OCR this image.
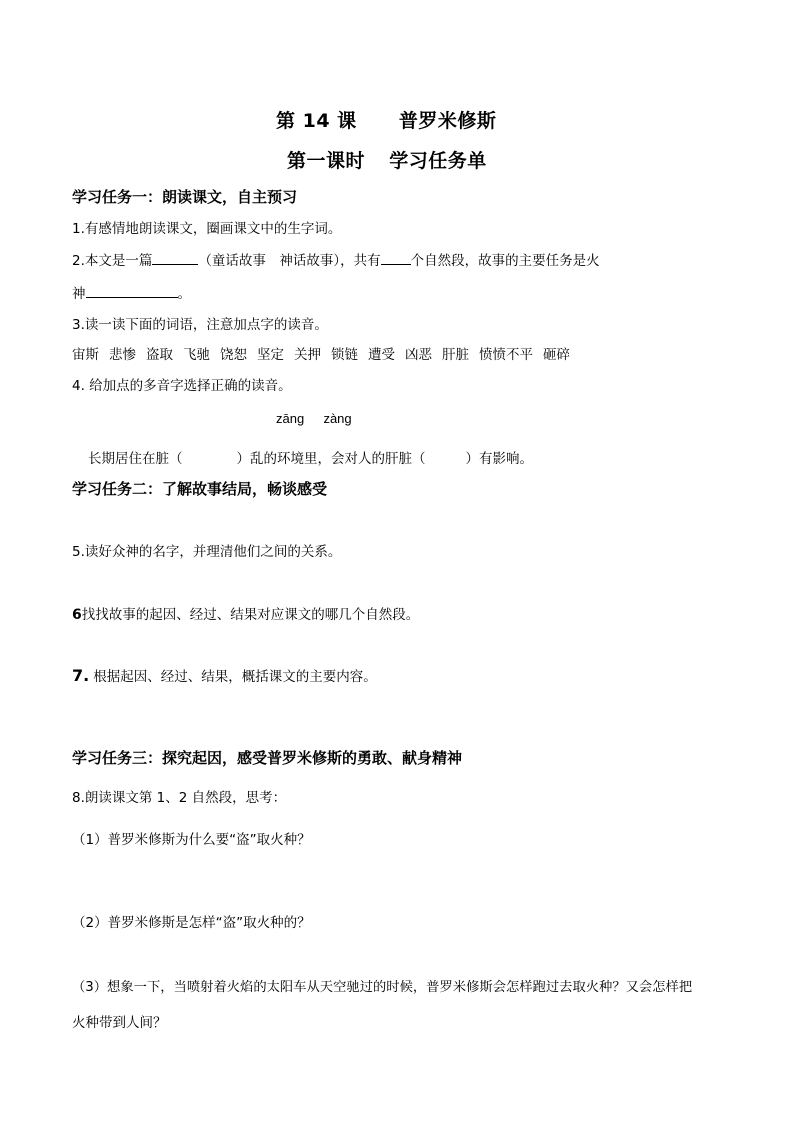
第 14 课 普罗米修斯
第一课时 学习任务单
学习任务一：朗读课文，自主预习
1.有感情地朗读课文，圈画课文中的生字词。
2.本文是一篇	（童话故事　神话故事），共有 个自然段，故事的主要任务是火
神	。
3.读一读下面的词语，注意加点字的读音。
宙斯 悲惨 盗取 飞驰 饶恕 坚定 关押 锁链 遭受 凶恶 肝脏 愤愤不平 砸碎
4. 给加点的多音字选择正确的读音。
zāng zàng
长期居住在脏（	）乱的环境里，会对人的肝脏（	）有影响。
学习任务二：了解故事结局，畅谈感受
5.读好众神的名字，并理清他们之间的关系。
6找找故事的起因、经过、结果对应课文的哪几个自然段。
7. 根据起因、经过、结果，概括课文的主要内容。
学习任务三：探究起因，感受普罗米修斯的勇敢、献身精神
8.朗读课文第 1、2 自然段，思考：
（1）普罗米修斯为什么要“盗”取火种？
（2）普罗米修斯是怎样“盗”取火种的？
（3）想象一下，当喷射着火焰的太阳车从天空驰过的时候，普罗米修斯会怎样跑过去取火种？又会怎样把
火种带到人间？
